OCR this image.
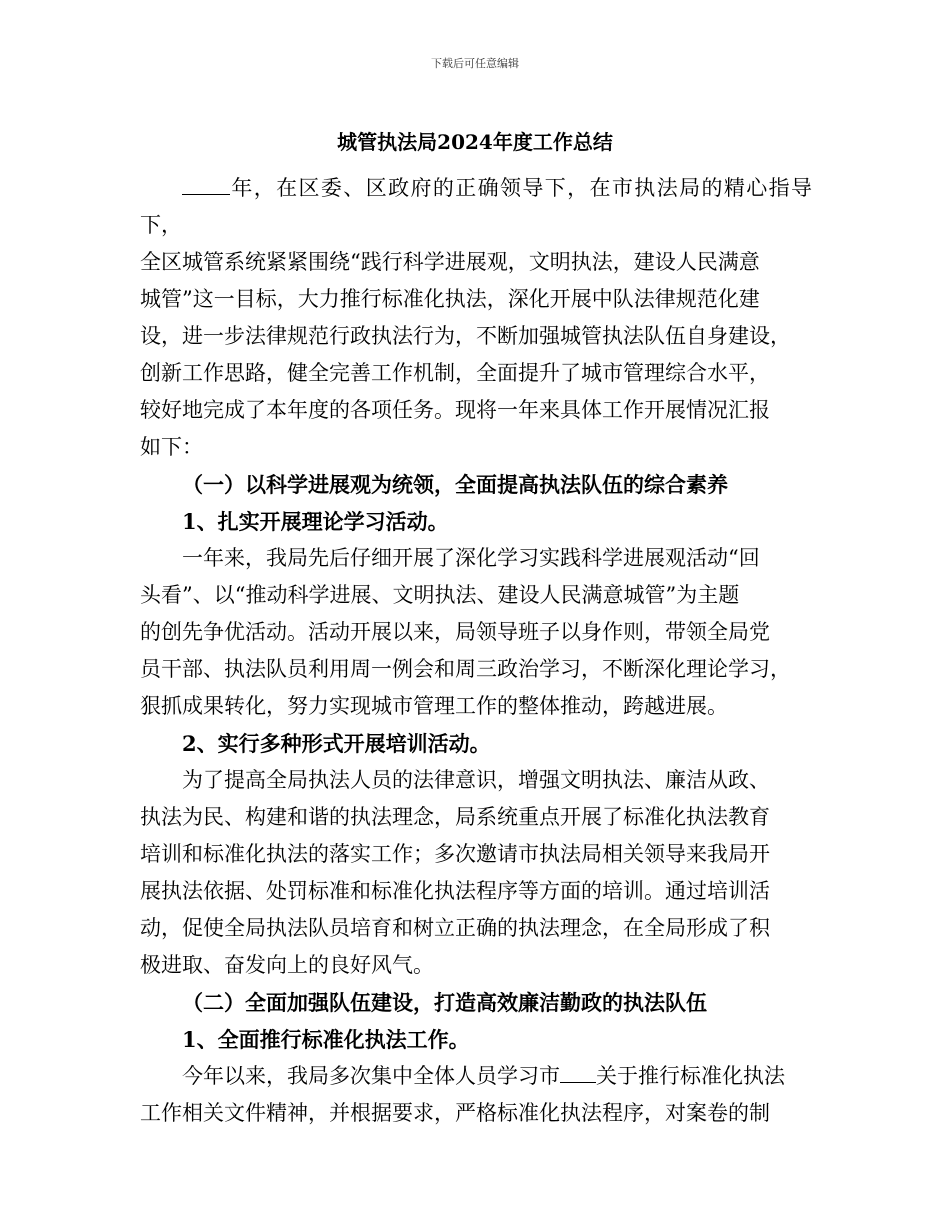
下载后可任意编辑
城管执法局2024年度工作总结

年，在区委、区政府的正确领导下，在市执法局的精心指导下，
全区城管系统紧紧围绕“践行科学进展观，文明执法，建设人民满意
城管”这一目标，大力推行标准化执法，深化开展中队法律规范化建
设，进一步法律规范行政执法行为，不断加强城管执法队伍自身建设，
创新工作思路，健全完善工作机制，全面提升了城市管理综合水平，
较好地完成了本年度的各项任务。现将一年来具体工作开展情况汇报
如下：

（一）以科学进展观为统领，全面提高执法队伍的综合素养

1、扎实开展理论学习活动。

一年来，我局先后仔细开展了深化学习实践科学进展观活动“回
头看”、以“推动科学进展、文明执法、建设人民满意城管”为主题
的创先争优活动。活动开展以来，局领导班子以身作则，带领全局党
员干部、执法队员利用周一例会和周三政治学习，不断深化理论学习，
狠抓成果转化，努力实现城市管理工作的整体推动，跨越进展。

2、实行多种形式开展培训活动。

为了提高全局执法人员的法律意识，增强文明执法、廉洁从政、
执法为民、构建和谐的执法理念，局系统重点开展了标准化执法教育
培训和标准化执法的落实工作；多次邀请市执法局相关领导来我局开
展执法依据、处罚标准和标准化执法程序等方面的培训。通过培训活
动，促使全局执法队员培育和树立正确的执法理念，在全局形成了积
极进取、奋发向上的良好风气。

（二）全面加强队伍建设，打造高效廉洁勤政的执法队伍

1、全面推行标准化执法工作。

今年以来，我局多次集中全体人员学习市 关于推行标准化执法
工作相关文件精神，并根据要求，严格标准化执法程序，对案卷的制
